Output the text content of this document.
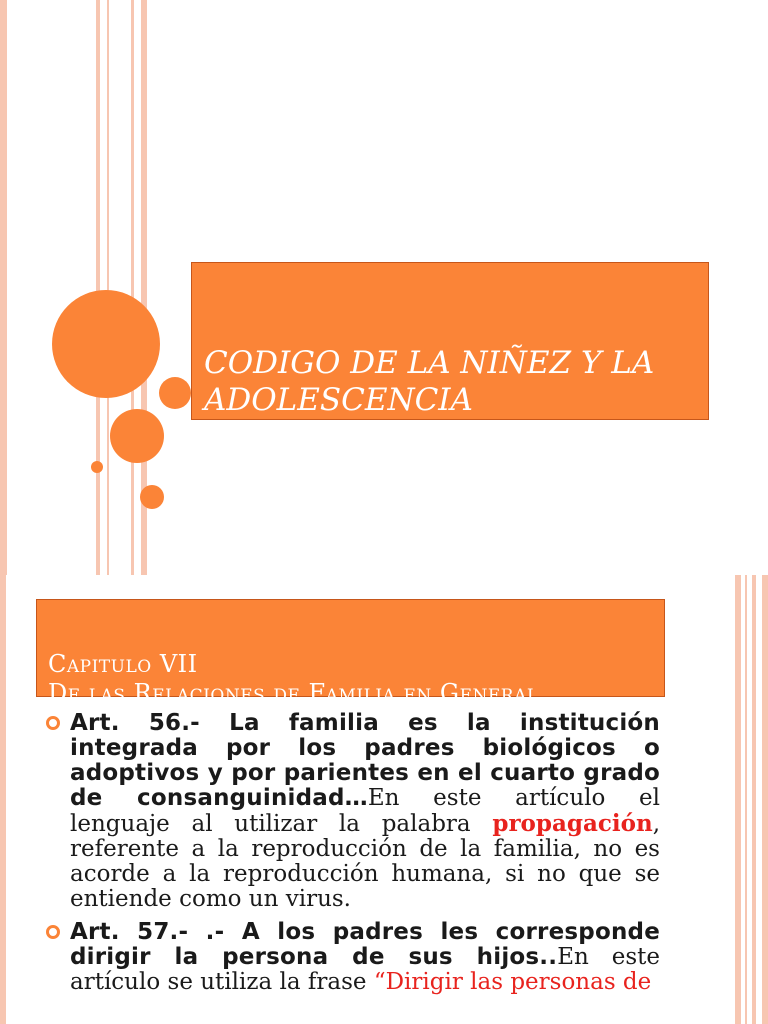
CODIGO DE LA NIÑEZ Y LA ADOLESCENCIA
Capitulo VII
De las Relaciones de Familia en General
Art. 56.- La familia es la institución integrada por los padres biológicos o adoptivos y por parientes en el cuarto grado de consanguinidad…En este artículo el lenguaje al utilizar la palabra propagación, referente a la reproducción de la familia, no es acorde a la reproducción humana, si no que se entiende como un virus.
Art. 57.- .- A los padres les corresponde dirigir la persona de sus hijos..En este artículo se utiliza la frase “Dirigir las personas de
